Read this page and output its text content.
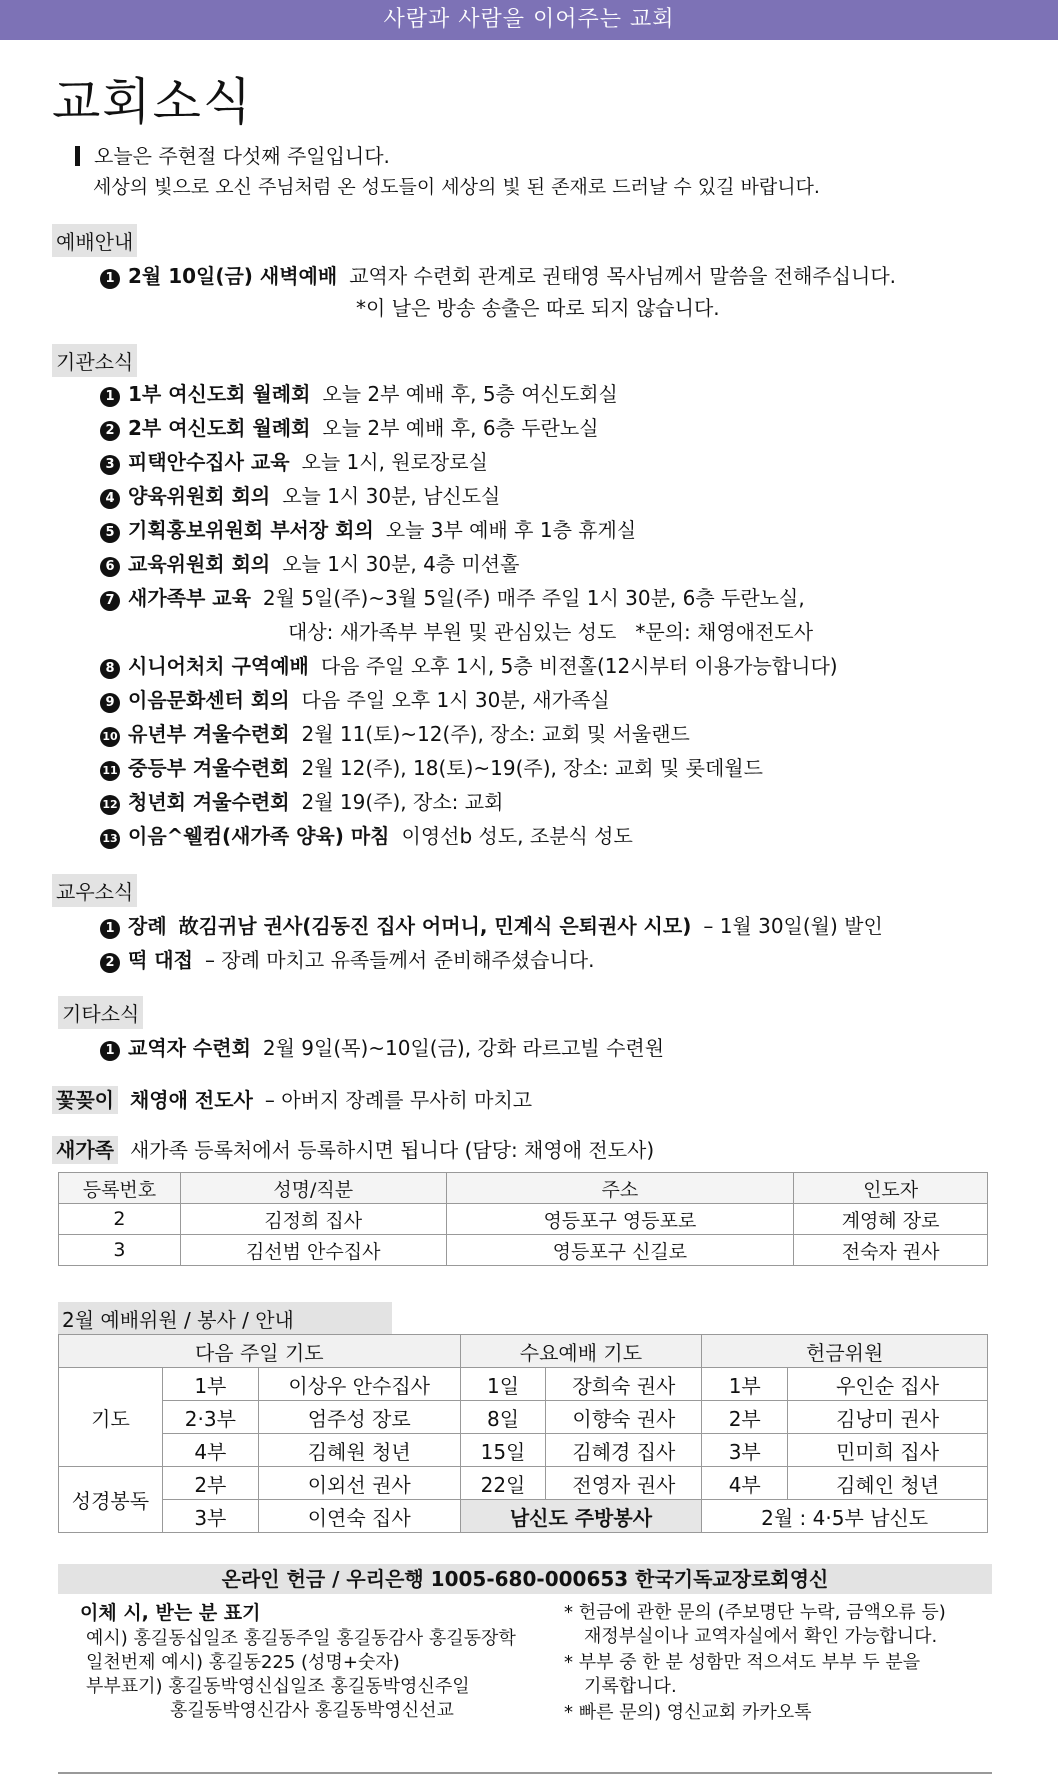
사람과 사람을 이어주는 교회
교회소식
오늘은 주현절 다섯째 주일입니다.
세상의 빛으로 오신 주님처럼 온 성도들이 세상의 빛 된 존재로 드러날 수 있길 바랍니다.
예배안내
1 2월 10일(금) 새벽예배 교역자 수련회 관계로 권태영 목사님께서 말씀을 전해주십니다.
*이 날은 방송 송출은 따로 되지 않습니다.
기관소식
1 1부 여신도회 월례회 오늘 2부 예배 후, 5층 여신도회실
2 2부 여신도회 월례회 오늘 2부 예배 후, 6층 두란노실
3 피택안수집사 교육 오늘 1시, 원로장로실
4 양육위원회 회의 오늘 1시 30분, 남신도실
5 기획홍보위원회 부서장 회의 오늘 3부 예배 후 1층 휴게실
6 교육위원회 회의 오늘 1시 30분, 4층 미션홀
7 새가족부 교육 2월 5일(주)~3월 5일(주) 매주 주일 1시 30분, 6층 두란노실,
대상: 새가족부 부원 및 관심있는 성도   *문의: 채영애전도사
8 시니어처치 구역예배 다음 주일 오후 1시, 5층 비젼홀(12시부터 이용가능합니다)
9 이음문화센터 회의 다음 주일 오후 1시 30분, 새가족실
10 유년부 겨울수련회 2월 11(토)~12(주), 장소: 교회 및 서울랜드
11 중등부 겨울수련회 2월 12(주), 18(토)~19(주), 장소: 교회 및 롯데월드
12 청년회 겨울수련회 2월 19(주), 장소: 교회
13 이음^웰컴(새가족 양육) 마침 이영선b 성도, 조분식 성도
교우소식
1 장례 故김귀남 권사(김동진 집사 어머니, 민계식 은퇴권사 시모) – 1월 30일(월) 발인
2 떡 대접 – 장례 마치고 유족들께서 준비해주셨습니다.
기타소식
1 교역자 수련회 2월 9일(목)~10일(금), 강화 라르고빌 수련원
꽃꽂이 채영애 전도사 – 아버지 장례를 무사히 마치고
새가족 새가족 등록처에서 등록하시면 됩니다 (담당: 채영애 전도사)
등록번호	성명/직분	주소	인도자
2	김정희 집사	영등포구 영등포로	계영혜 장로
3	김선범 안수집사	영등포구 신길로	전숙자 권사
2월 예배위원 / 봉사 / 안내
다음 주일 기도			수요예배 기도		헌금위원	
기도	1부	이상우 안수집사	1일	장희숙 권사	1부	우인순 집사
	2·3부	엄주성 장로	8일	이향숙 권사	2부	김낭미 권사
	4부	김혜원 청년	15일	김혜경 집사	3부	민미희 집사
성경봉독	2부	이외선 권사	22일	전영자 권사	4부	김혜인 청년
	3부	이연숙 집사	남신도 주방봉사		2월 : 4·5부 남신도	
온라인 헌금 / 우리은행 1005-680-000653 한국기독교장로회영신
이체 시, 받는 분 표기
예시) 홍길동십일조 홍길동주일 홍길동감사 홍길동장학
일천번제 예시) 홍길동225 (성명+숫자)
부부표기) 홍길동박영신십일조 홍길동박영신주일
홍길동박영신감사 홍길동박영신선교
* 헌금에 관한 문의 (주보명단 누락, 금액오류 등)
재정부실이나 교역자실에서 확인 가능합니다.
* 부부 중 한 분 성함만 적으셔도 부부 두 분을
기록합니다.
* 빠른 문의) 영신교회 카카오톡
